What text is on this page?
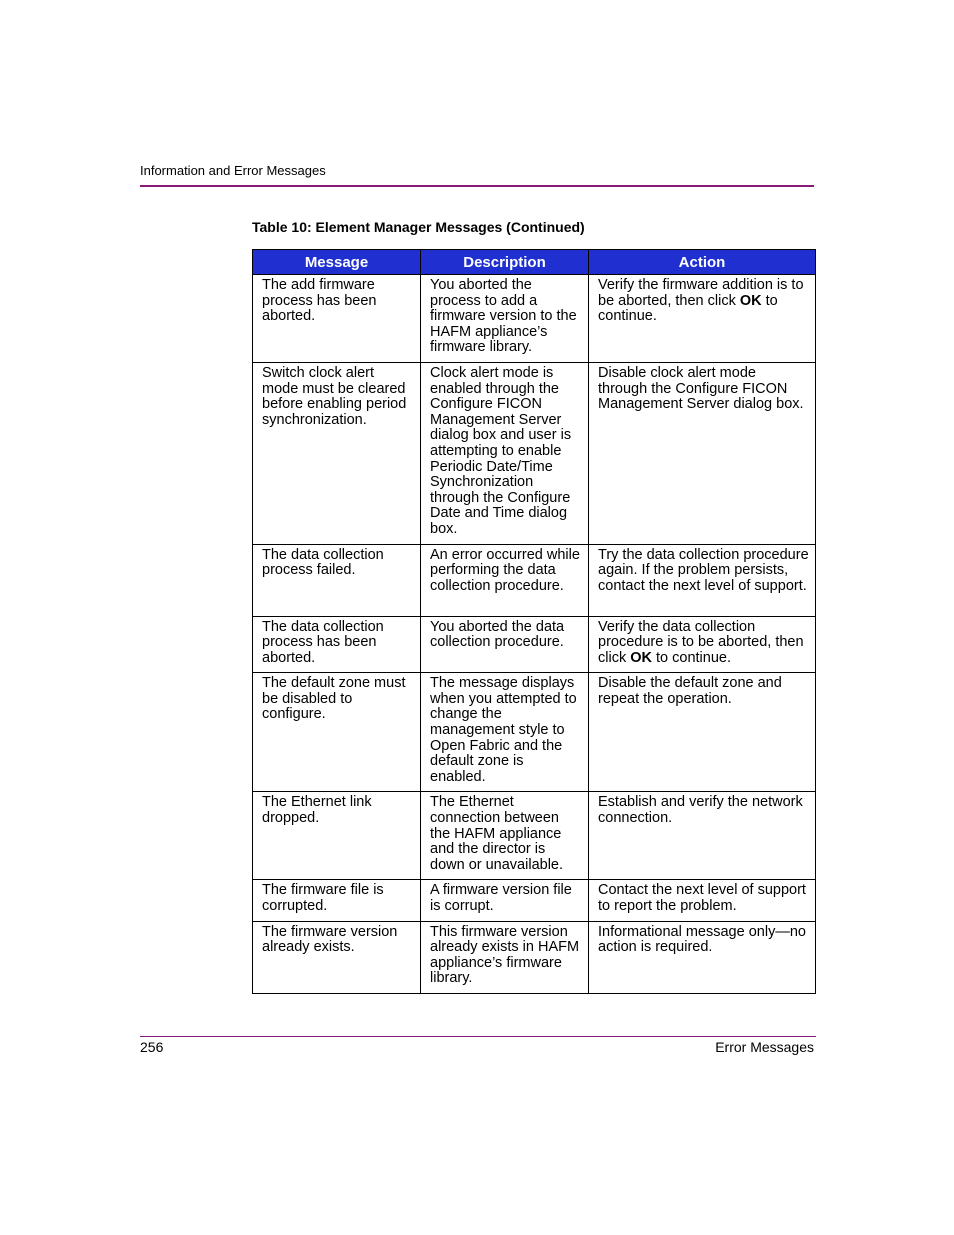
Information and Error Messages
Table 10: Element Manager Messages (Continued)
Message	Description	Action
The add firmware process has been aborted.	You aborted the process to add a firmware version to the HAFM appliance’s firmware library.	Verify the firmware addition is to be aborted, then click OK to continue.
Switch clock alert mode must be cleared before enabling period synchronization.	Clock alert mode is enabled through the Configure FICON Management Server dialog box and user is attempting to enable Periodic Date/Time Synchronization through the Configure Date and Time dialog box.	Disable clock alert mode through the Configure FICON Management Server dialog box.
The data collection process failed.	An error occurred while performing the data collection procedure.	Try the data collection procedure again. If the problem persists, contact the next level of support.
The data collection process has been aborted.	You aborted the data collection procedure.	Verify the data collection procedure is to be aborted, then click OK to continue.
The default zone must be disabled to configure.	The message displays when you attempted to change the management style to Open Fabric and the default zone is enabled.	Disable the default zone and repeat the operation.
The Ethernet link dropped.	The Ethernet connection between the HAFM appliance and the director is down or unavailable.	Establish and verify the network connection.
The firmware file is corrupted.	A firmware version file is corrupt.	Contact the next level of support to report the problem.
The firmware version already exists.	This firmware version already exists in HAFM appliance’s firmware library.	Informational message only—no action is required.
256	Error Messages
